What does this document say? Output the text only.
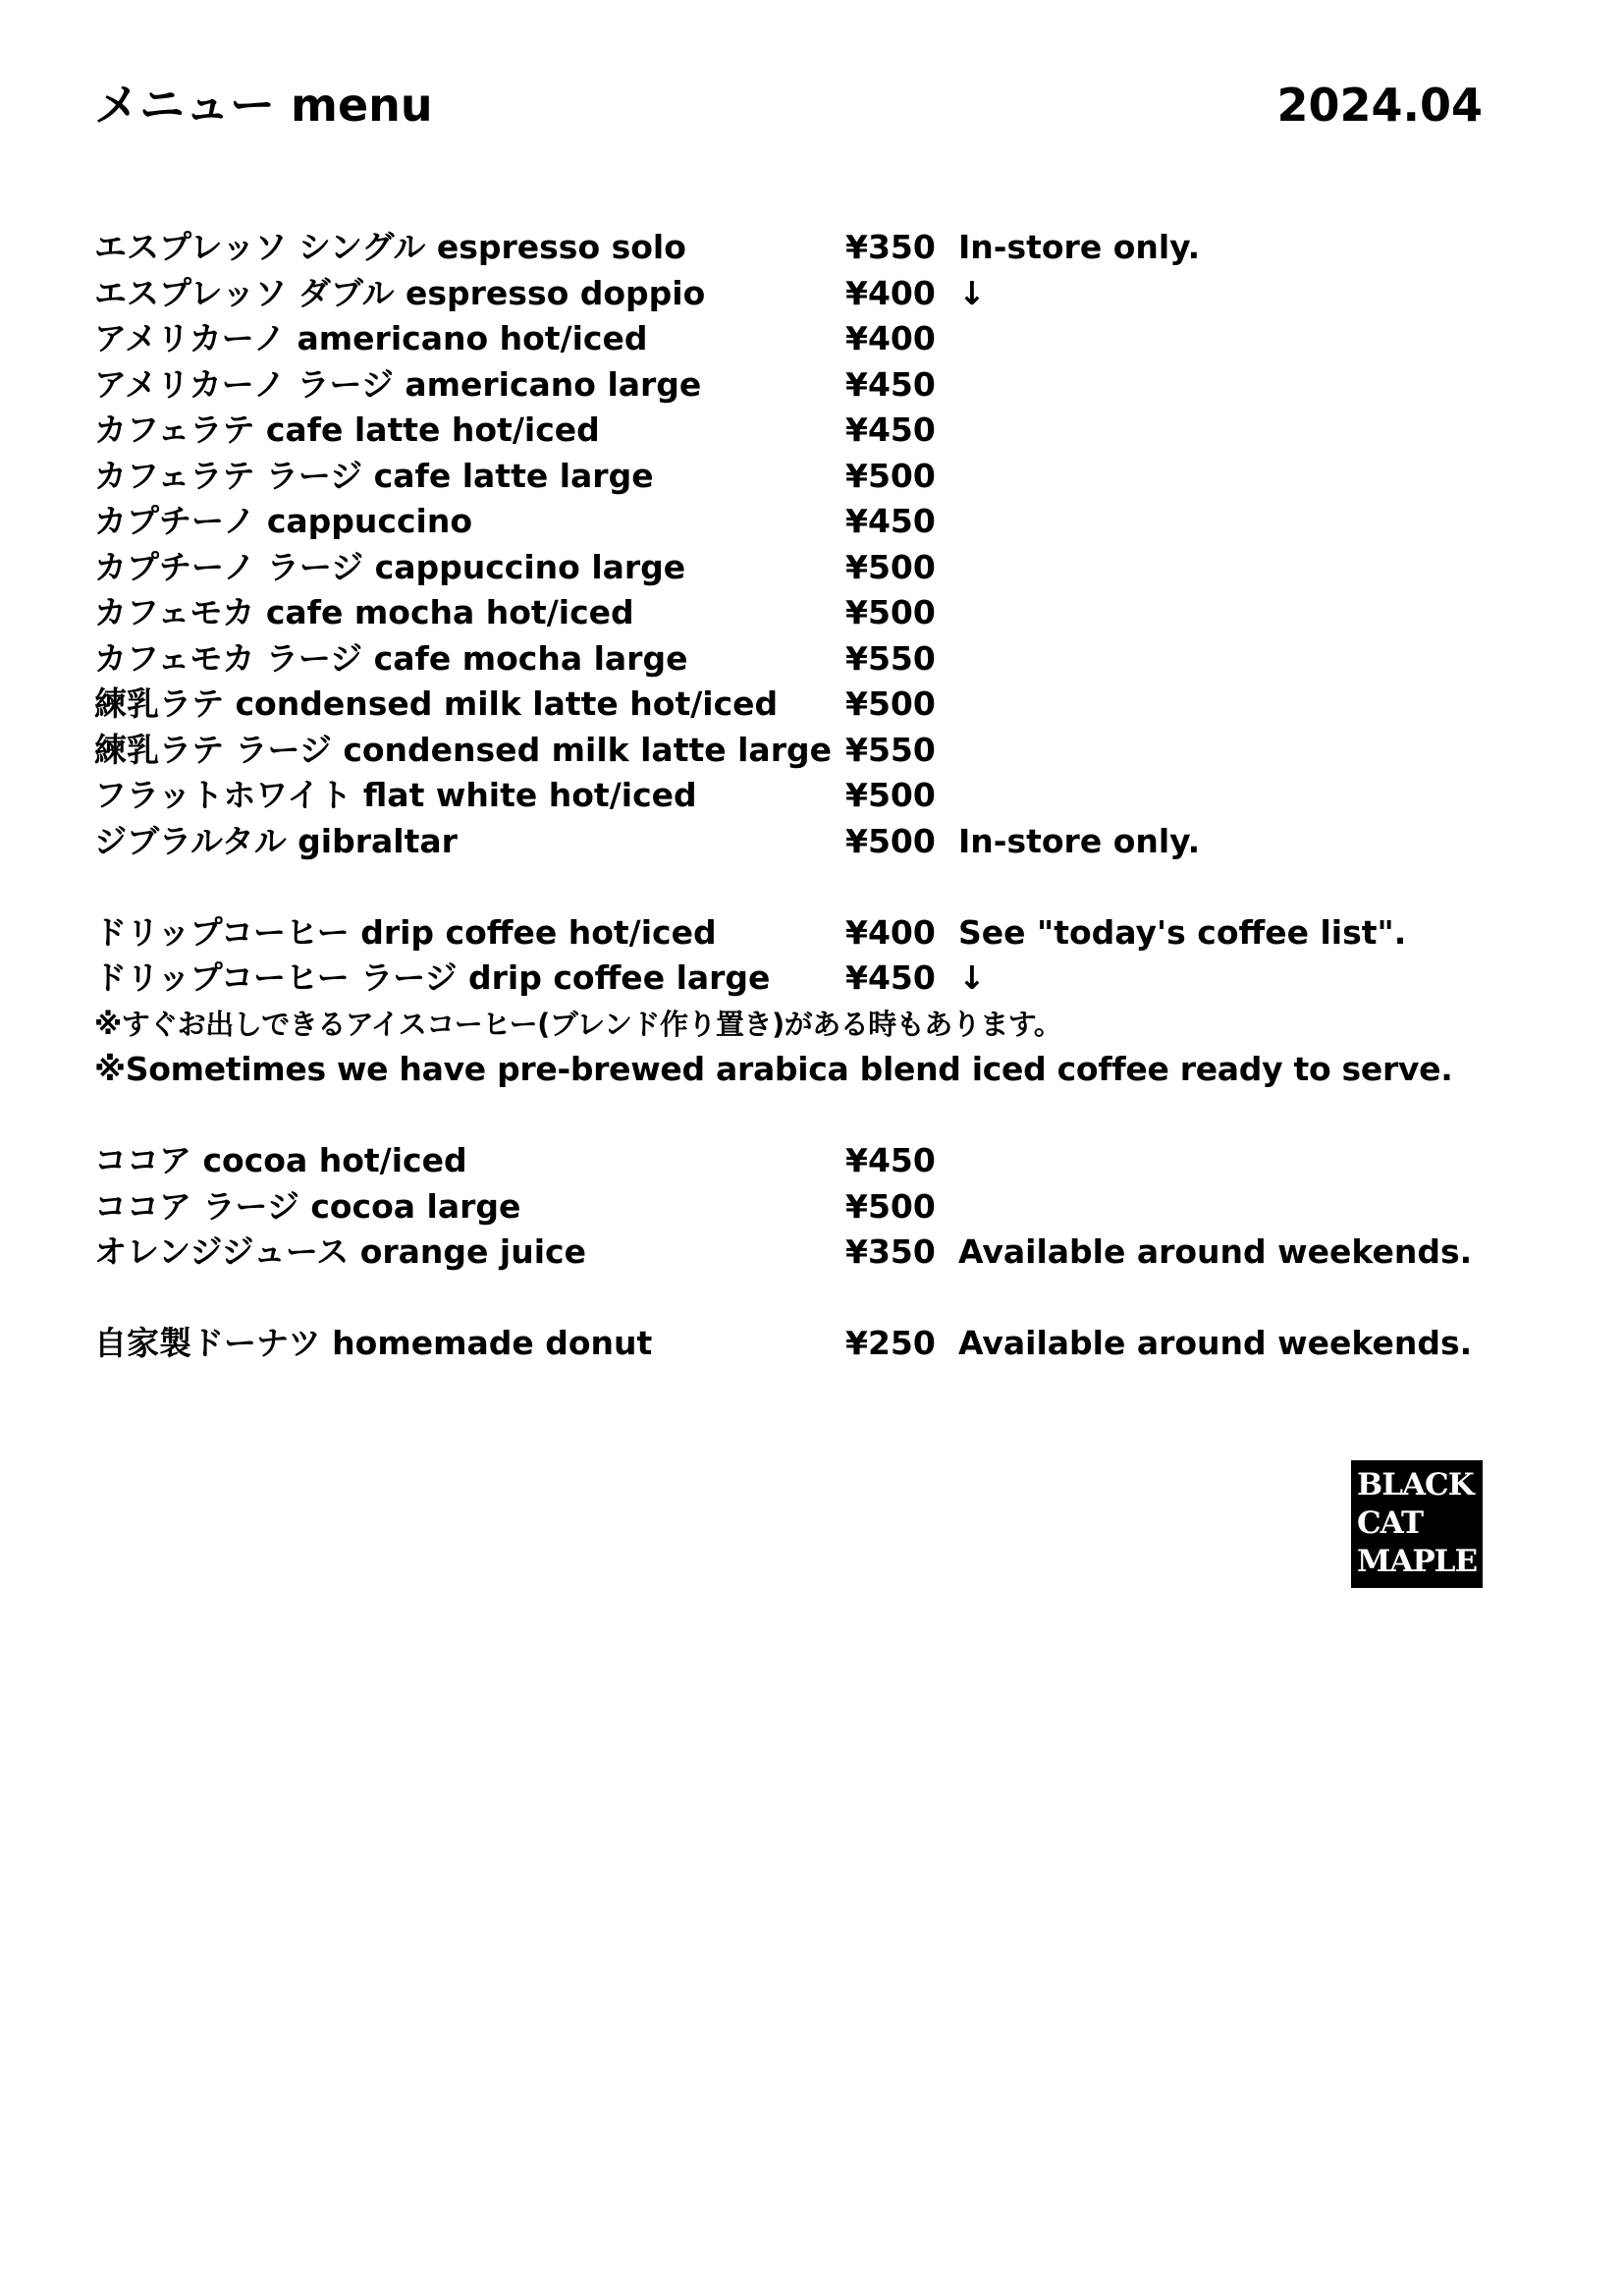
メニュー menu	2024.04
エスプレッソ シングル espresso solo	¥350 In-store only.
エスプレッソ ダブル espresso doppio	¥400 ↓
アメリカーノ americano hot/iced	¥400
アメリカーノ ラージ americano large	¥450
カフェラテ cafe latte hot/iced	¥450
カフェラテ ラージ cafe latte large	¥500
カプチーノ cappuccino	¥450
カプチーノ ラージ cappuccino large	¥500
カフェモカ cafe mocha hot/iced	¥500
カフェモカ ラージ cafe mocha large	¥550
練乳ラテ condensed milk latte hot/iced ¥500
練乳ラテ ラージ condensed milk latte large ¥550
フラットホワイト flat white hot/iced	¥500
ジブラルタル gibraltar	¥500 In-store only.
ドリップコーヒー drip coffee hot/iced	¥400 See "today's coffee list".
ドリップコーヒー ラージ drip coffee large ¥450 ↓
※すぐお出しできるアイスコーヒー(ブレンド作り置き)がある時もあります。
※Sometimes we have pre-brewed arabica blend iced coffee ready to serve.
ココア cocoa hot/iced	¥450
ココア ラージ cocoa large	¥500
オレンジジュース orange juice	¥350 Available around weekends.
自家製ドーナツ homemade donut	¥250 Available around weekends.
BLACK
CAT
MAPLE
